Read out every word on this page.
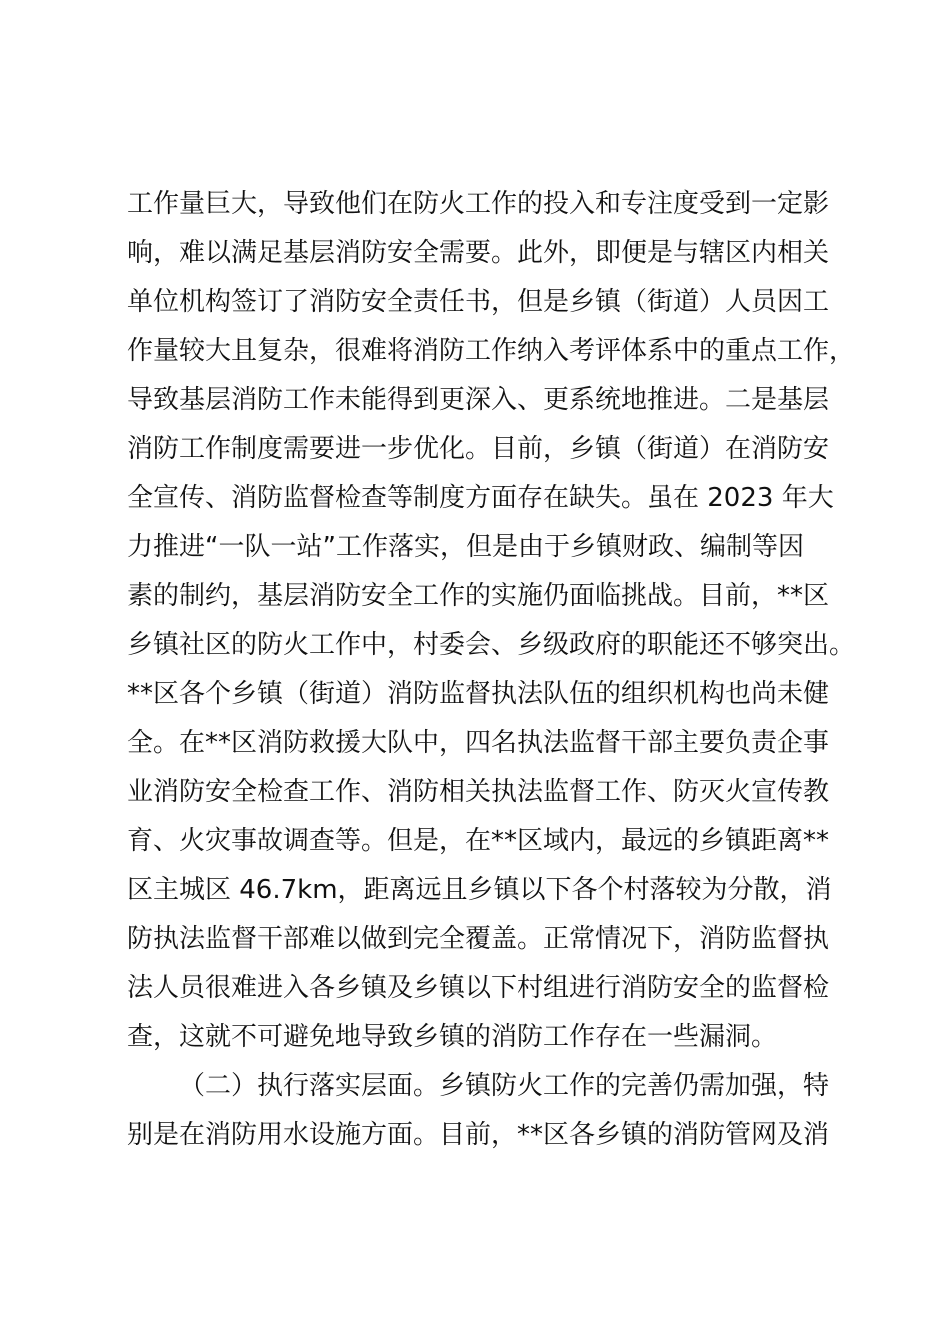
工作量巨大，导致他们在防火工作的投入和专注度受到一定影
响，难以满足基层消防安全需要。此外，即便是与辖区内相关
单位机构签订了消防安全责任书，但是乡镇（街道）人员因工
作量较大且复杂，很难将消防工作纳入考评体系中的重点工作，
导致基层消防工作未能得到更深入、更系统地推进。二是基层
消防工作制度需要进一步优化。目前，乡镇（街道）在消防安
全宣传、消防监督检查等制度方面存在缺失。虽在 2023 年大
力推进“一队一站”工作落实，但是由于乡镇财政、编制等因
素的制约，基层消防安全工作的实施仍面临挑战。目前，**区
乡镇社区的防火工作中，村委会、乡级政府的职能还不够突出。
**区各个乡镇（街道）消防监督执法队伍的组织机构也尚未健
全。在**区消防救援大队中，四名执法监督干部主要负责企事
业消防安全检查工作、消防相关执法监督工作、防灭火宣传教
育、火灾事故调查等。但是，在**区域内，最远的乡镇距离**
区主城区 46.7km，距离远且乡镇以下各个村落较为分散，消
防执法监督干部难以做到完全覆盖。正常情况下，消防监督执
法人员很难进入各乡镇及乡镇以下村组进行消防安全的监督检
查，这就不可避免地导致乡镇的消防工作存在一些漏洞。
（二）执行落实层面。乡镇防火工作的完善仍需加强，特
别是在消防用水设施方面。目前，**区各乡镇的消防管网及消
